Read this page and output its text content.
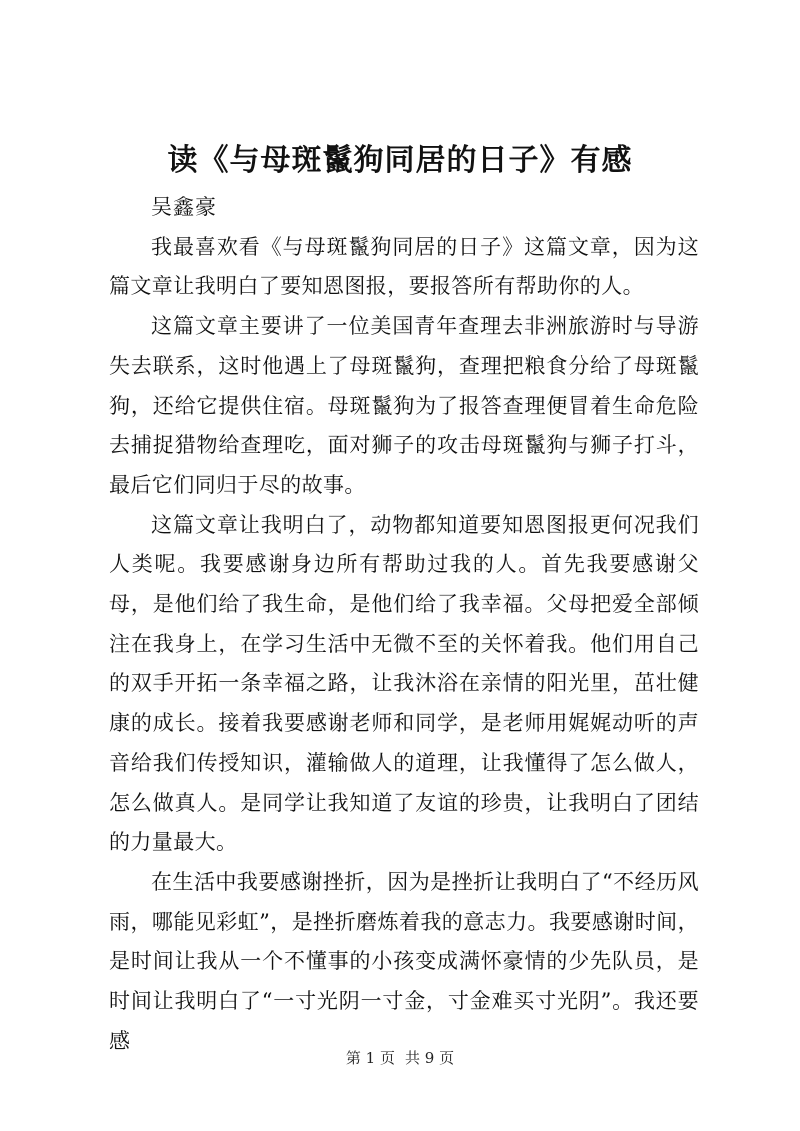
读《与母斑鬣狗同居的日子》有感

吴鑫豪

我最喜欢看《与母斑鬣狗同居的日子》这篇文章，因为这篇文章让我明白了要知恩图报，要报答所有帮助你的人。

这篇文章主要讲了一位美国青年查理去非洲旅游时与导游失去联系，这时他遇上了母斑鬣狗，查理把粮食分给了母斑鬣狗，还给它提供住宿。母斑鬣狗为了报答查理便冒着生命危险去捕捉猎物给查理吃，面对狮子的攻击母斑鬣狗与狮子打斗，最后它们同归于尽的故事。

这篇文章让我明白了，动物都知道要知恩图报更何况我们人类呢。我要感谢身边所有帮助过我的人。首先我要感谢父母，是他们给了我生命，是他们给了我幸福。父母把爱全部倾注在我身上，在学习生活中无微不至的关怀着我。他们用自己的双手开拓一条幸福之路，让我沐浴在亲情的阳光里，茁壮健康的成长。接着我要感谢老师和同学，是老师用娓娓动听的声音给我们传授知识，灌输做人的道理，让我懂得了怎么做人，怎么做真人。是同学让我知道了友谊的珍贵，让我明白了团结的力量最大。

在生活中我要感谢挫折，因为是挫折让我明白了“不经历风雨，哪能见彩虹”，是挫折磨炼着我的意志力。我要感谢时间，是时间让我从一个不懂事的小孩变成满怀豪情的少先队员，是时间让我明白了“一寸光阴一寸金，寸金难买寸光阴”。我还要感

第 1 页 共 9 页
